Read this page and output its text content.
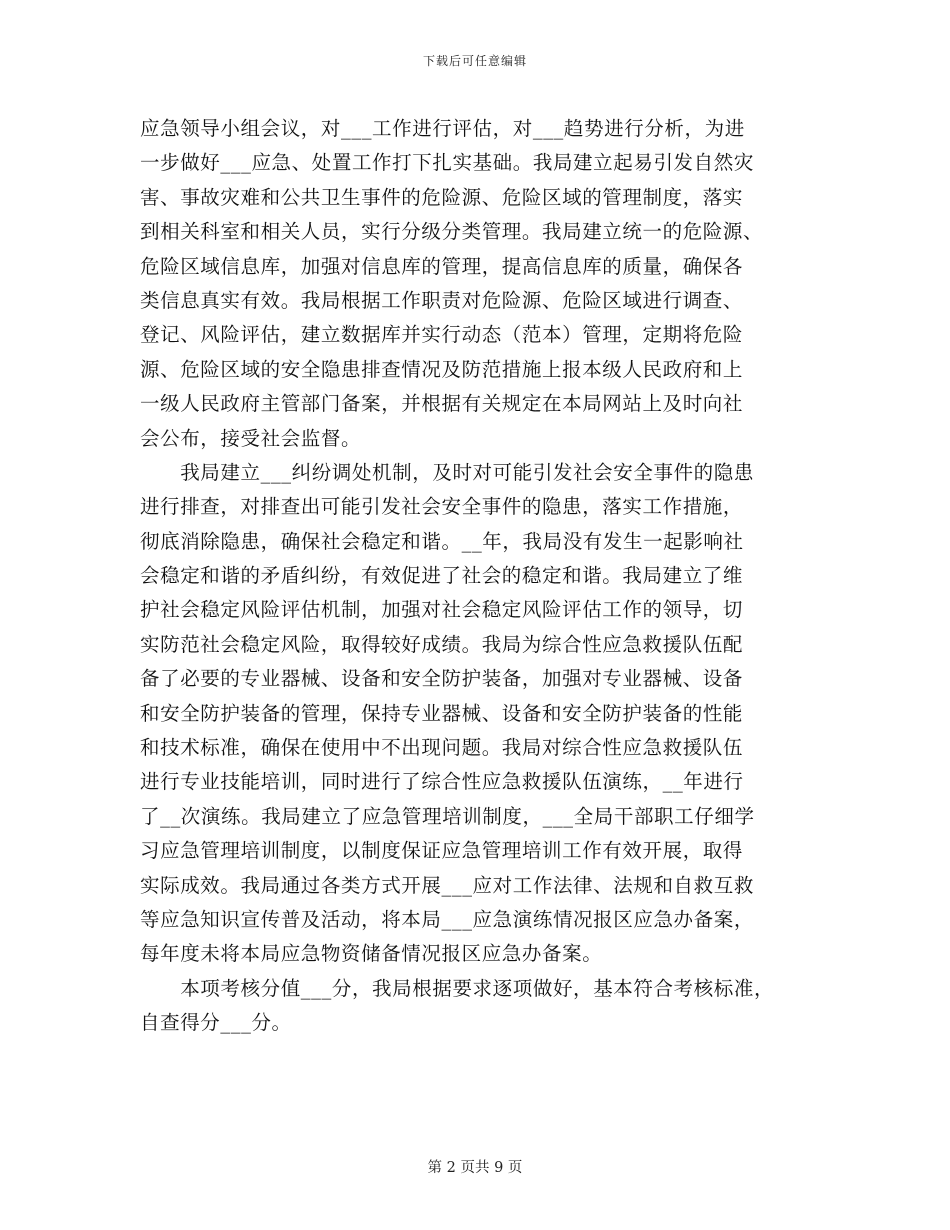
下载后可任意编辑
应急领导小组会议，对___工作进行评估，对___趋势进行分析，为进
一步做好___应急、处置工作打下扎实基础。我局建立起易引发自然灾
害、事故灾难和公共卫生事件的危险源、危险区域的管理制度，落实
到相关科室和相关人员，实行分级分类管理。我局建立统一的危险源、
危险区域信息库，加强对信息库的管理，提高信息库的质量，确保各
类信息真实有效。我局根据工作职责对危险源、危险区域进行调查、
登记、风险评估，建立数据库并实行动态（范本）管理，定期将危险
源、危险区域的安全隐患排查情况及防范措施上报本级人民政府和上
一级人民政府主管部门备案，并根据有关规定在本局网站上及时向社
会公布，接受社会监督。
　　我局建立___纠纷调处机制，及时对可能引发社会安全事件的隐患
进行排查，对排查出可能引发社会安全事件的隐患，落实工作措施，
彻底消除隐患，确保社会稳定和谐。__年，我局没有发生一起影响社
会稳定和谐的矛盾纠纷，有效促进了社会的稳定和谐。我局建立了维
护社会稳定风险评估机制，加强对社会稳定风险评估工作的领导，切
实防范社会稳定风险，取得较好成绩。我局为综合性应急救援队伍配
备了必要的专业器械、设备和安全防护装备，加强对专业器械、设备
和安全防护装备的管理，保持专业器械、设备和安全防护装备的性能
和技术标准，确保在使用中不出现问题。我局对综合性应急救援队伍
进行专业技能培训，同时进行了综合性应急救援队伍演练，__年进行
了__次演练。我局建立了应急管理培训制度，___全局干部职工仔细学
习应急管理培训制度，以制度保证应急管理培训工作有效开展，取得
实际成效。我局通过各类方式开展___应对工作法律、法规和自救互救
等应急知识宣传普及活动，将本局___应急演练情况报区应急办备案，
每年度未将本局应急物资储备情况报区应急办备案。
　　本项考核分值___分，我局根据要求逐项做好，基本符合考核标准，
自查得分___分。
第 2 页共 9 页
